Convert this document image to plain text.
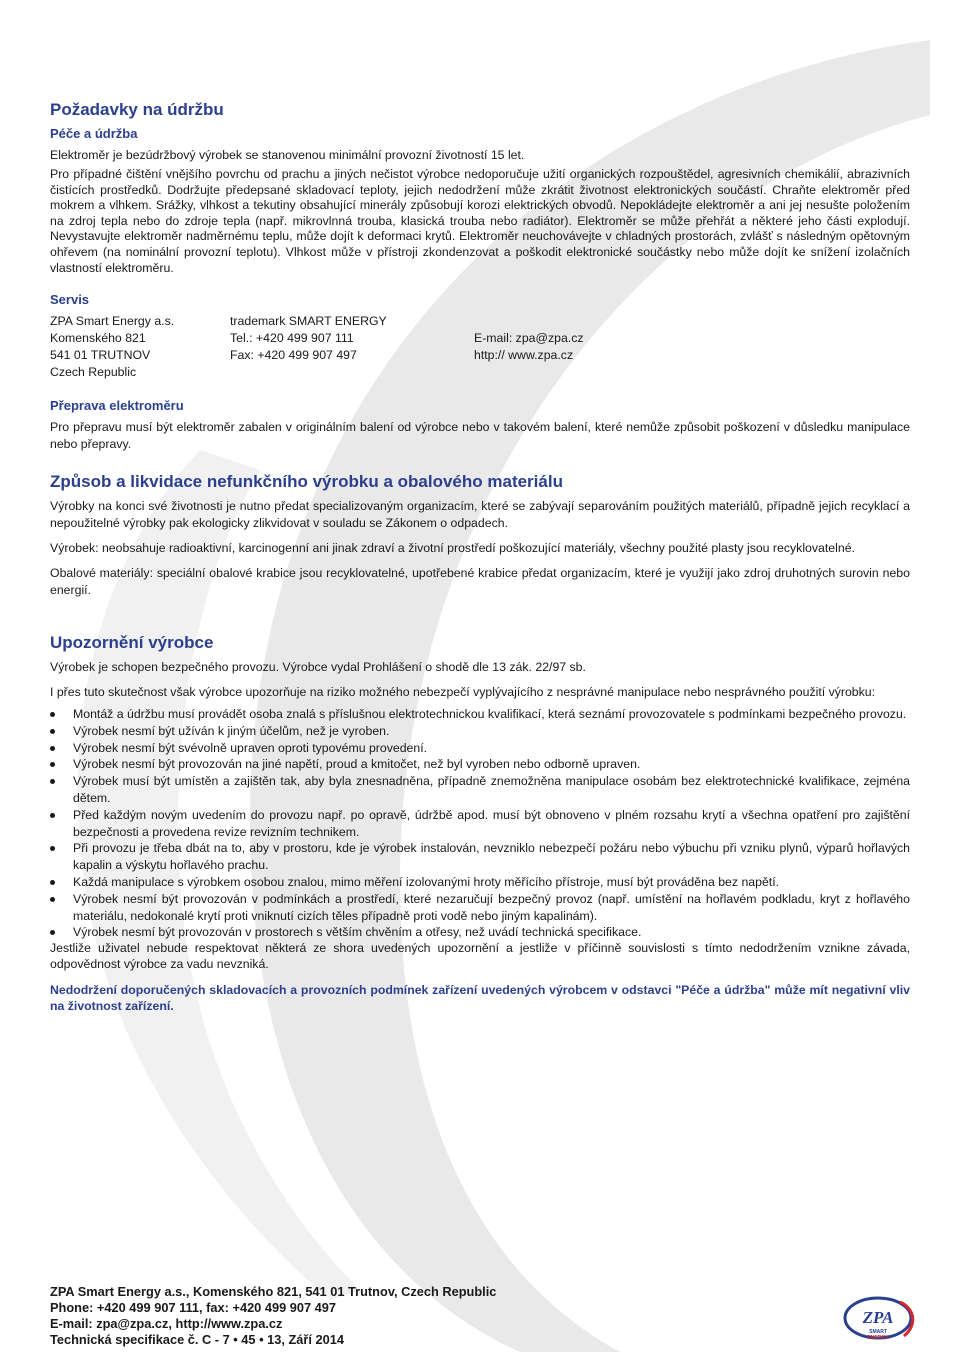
Požadavky na údržbu
Péče a údržba
Elektroměr je bezúdržbový výrobek se stanovenou minimální provozní životností 15 let.
Pro případné čištění vnějšího povrchu od prachu a jiných nečistot výrobce nedoporučuje užití organických rozpouštědel, agresivních chemikálií, abrazivních čistících prostředků. Dodržujte předepsané skladovací teploty, jejich nedodržení může zkrátit životnost elektronických součástí. Chraňte elektroměr před mokrem a vlhkem. Srážky, vlhkost a tekutiny obsahující minerály způsobují korozi elektrických obvodů. Nepokládejte elektroměr a ani jej nesušte položením na zdroj tepla nebo do zdroje tepla (např. mikrovlnná trouba, klasická trouba nebo radiátor). Elektroměr se může přehřát a některé jeho části explodují. Nevystavujte elektroměr nadměrnému teplu, může dojít k deformaci krytů. Elektroměr neuchovávejte v chladných prostorách, zvlášť s následným opětovným ohřevem (na nominální provozní teplotu). Vlhkost může v přístroji zkondenzovat a poškodit elektronické součástky nebo může dojít ke snížení izolačních vlastností elektroměru.
Servis
ZPA Smart Energy a.s.	trademark SMART ENERGY
Komenského 821	Tel.: +420 499 907 111	E-mail: zpa@zpa.cz
541 01 TRUTNOV	Fax: +420 499 907 497	http:// www.zpa.cz
Czech Republic
Přeprava elektroměru
Pro přepravu musí být elektroměr zabalen v originálním balení od výrobce nebo v takovém balení, které nemůže způsobit poškození v důsledku manipulace nebo přepravy.
Způsob a likvidace nefunkčního výrobku a obalového materiálu
Výrobky na konci své životnosti je nutno předat specializovaným organizacím, které se zabývají separováním použitých materiálů, případně jejich recyklací a nepoužitelné výrobky pak ekologicky zlikvidovat v souladu se Zákonem o odpadech.
Výrobek: neobsahuje radioaktivní, karcinogenní ani jinak zdraví a životní prostředí poškozující materiály, všechny použité plasty jsou recyklovatelné.
Obalové materiály: speciální obalové krabice jsou recyklovatelné, upotřebené krabice předat organizacím, které je využijí jako zdroj druhotných surovin nebo energií.
Upozornění výrobce
Výrobek je schopen bezpečného provozu. Výrobce vydal Prohlášení o shodě dle 13 zák. 22/97 sb.
I přes tuto skutečnost však výrobce upozorňuje na riziko možného nebezpečí vyplývajícího z nesprávné manipulace nebo nesprávného použití výrobku:
Montáž a údržbu musí provádět osoba znalá s příslušnou elektrotechnickou kvalifikací, která seznámí provozovatele s podmínkami bezpečného provozu.
Výrobek nesmí být užíván k jiným účelům, než je vyroben.
Výrobek nesmí být svévolně upraven oproti typovému provedení.
Výrobek nesmí být provozován na jiné napětí, proud a kmitočet, než byl vyroben nebo odborně upraven.
Výrobek musí být umístěn a zajištěn tak, aby byla znesnadněna, případně znemožněna manipulace osobám bez elektrotechnické kvalifikace, zejména dětem.
Před každým novým uvedením do provozu např. po opravě, údržbě apod. musí být obnoveno v plném rozsahu krytí a všechna opatření pro zajištění bezpečnosti a provedena revize revizním technikem.
Při provozu je třeba dbát na to, aby v prostoru, kde je výrobek instalován, nevzniklo nebezpečí požáru nebo výbuchu při vzniku plynů, výparů hořlavých kapalin a výskytu hořlavého prachu.
Každá manipulace s výrobkem osobou znalou, mimo měření izolovanými hroty měřícího přístroje, musí být prováděna bez napětí.
Výrobek nesmí být provozován v podmínkách a prostředí, které nezaručují bezpečný provoz (např. umístění na hořlavém podkladu, kryt z hořlavého materiálu, nedokonalé krytí proti vniknutí cizích těles případně proti vodě nebo jiným kapalinám).
Výrobek nesmí být provozován v prostorech s větším chvěním a otřesy, než uvádí technická specifikace.
Jestliže uživatel nebude respektovat některá ze shora uvedených upozornění a jestliže v příčinně souvislosti s tímto nedodržením vznikne závada, odpovědnost výrobce za vadu nevzniká.
Nedodržení doporučených skladovacích a provozních podmínek zařízení uvedených výrobcem v odstavci "Péče a údržba" může mít negativní vliv na životnost zařízení.
ZPA Smart Energy a.s., Komenského 821, 541 01 Trutnov, Czech Republic
Phone: +420 499 907 111, fax: +420 499 907 497
E-mail: zpa@zpa.cz, http://www.zpa.cz
Technická specifikace č. C - 7 • 45 • 13, Září 2014
ZPA
SMART
ENERGY
